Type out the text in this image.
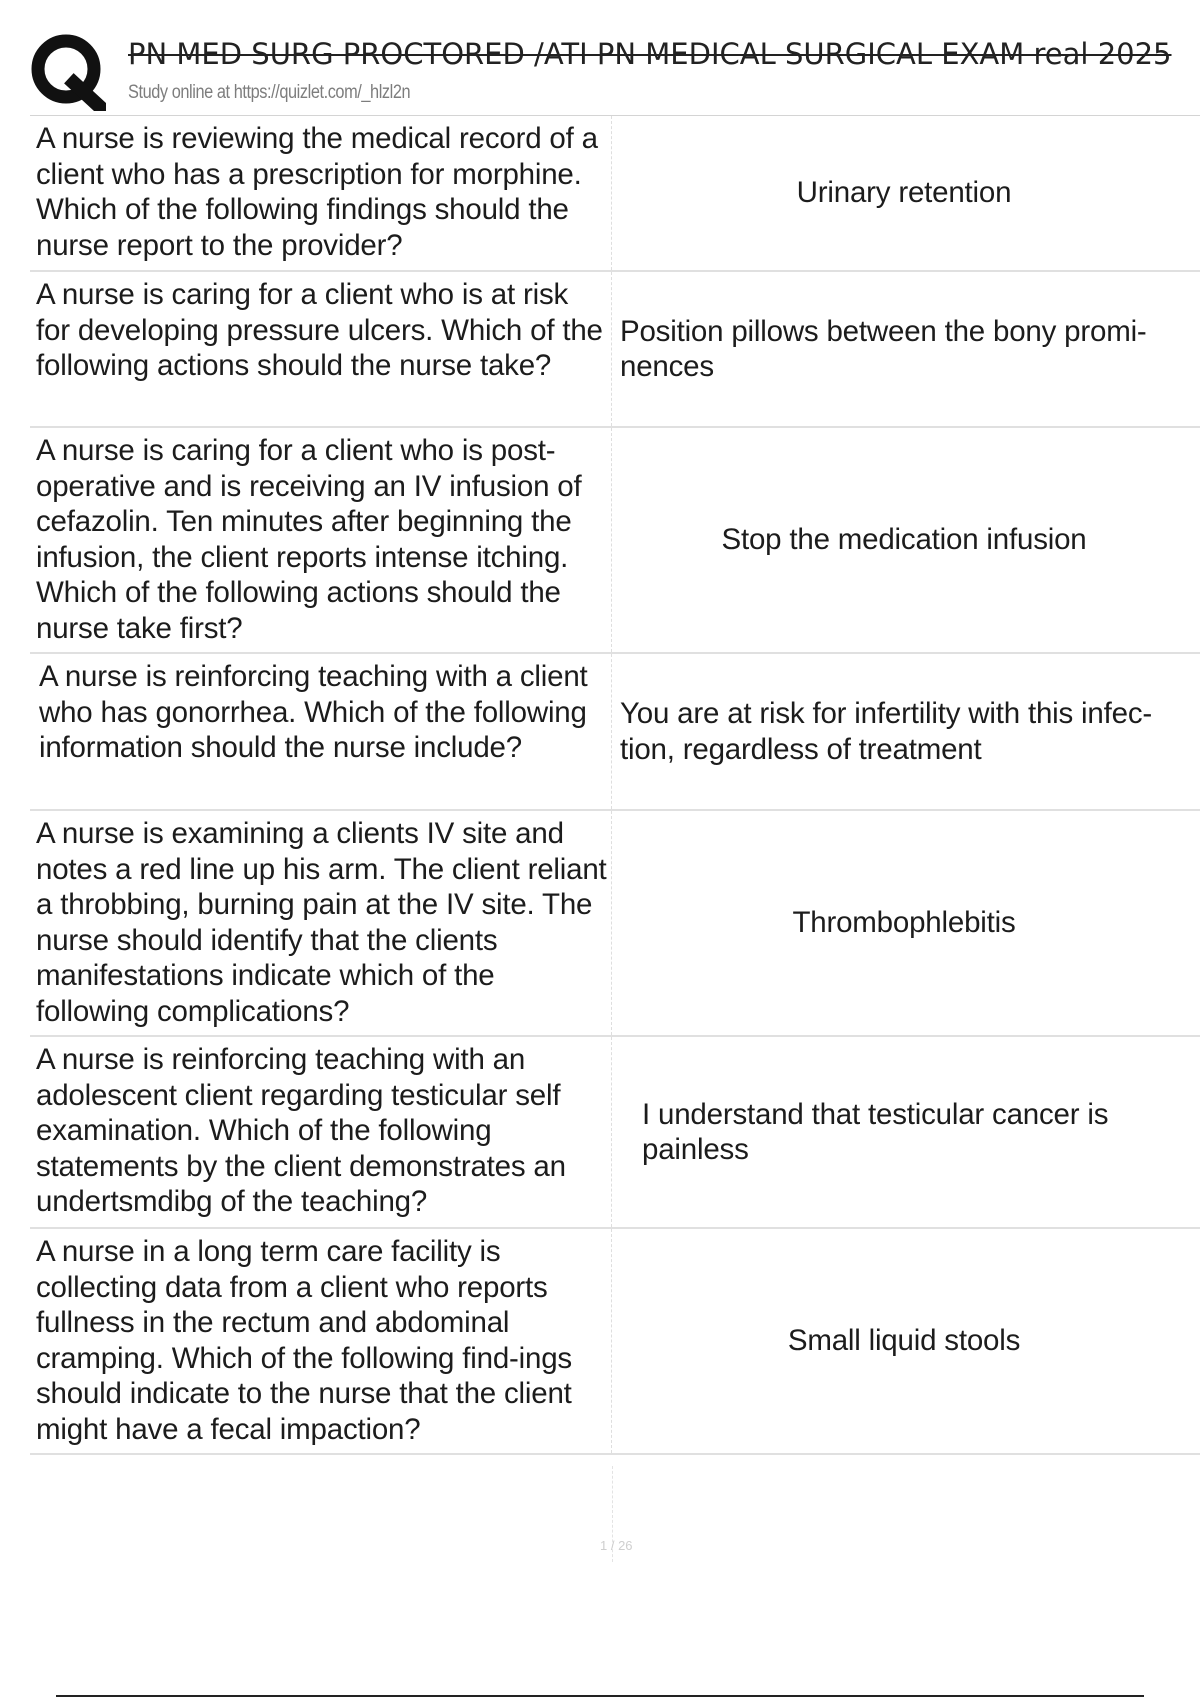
PN MED SURG PROCTORED /ATI PN MEDICAL SURGICAL EXAM real 2025
Study online at https://quizlet.com/_hlzl2n
A nurse is reviewing the medical record of a client who has a prescription for morphine. Which of the following findings should the nurse report to the provider?
Urinary retention
A nurse is caring for a client who is at risk for developing pressure ulcers. Which of the following actions should the nurse take?
Position pillows between the bony promi-nences
A nurse is caring for a client who is post-operative and is receiving an IV infusion of cefazolin. Ten minutes after beginning the infusion, the client reports intense itching. Which of the following actions should the nurse take first?
Stop the medication infusion
A nurse is reinforcing teaching with a client who has gonorrhea. Which of the following information should the nurse include?
You are at risk for infertility with this infec-tion, regardless of treatment
A nurse is examining a clients IV site and notes a red line up his arm. The client reliant a throbbing, burning pain at the IV site. The nurse should identify that the clients manifestations indicate which of the following complications?
Thrombophlebitis
A nurse is reinforcing teaching with an adolescent client regarding testicular self examination. Which of the following statements by the client demonstrates an undertsmdibg of the teaching?
I understand that testicular cancer is painless
A nurse in a long term care facility is collecting data from a client who reports fullness in the rectum and abdominal cramping. Which of the following find-ings should indicate to the nurse that the client might have a fecal impaction?
Small liquid stools
1 / 26
